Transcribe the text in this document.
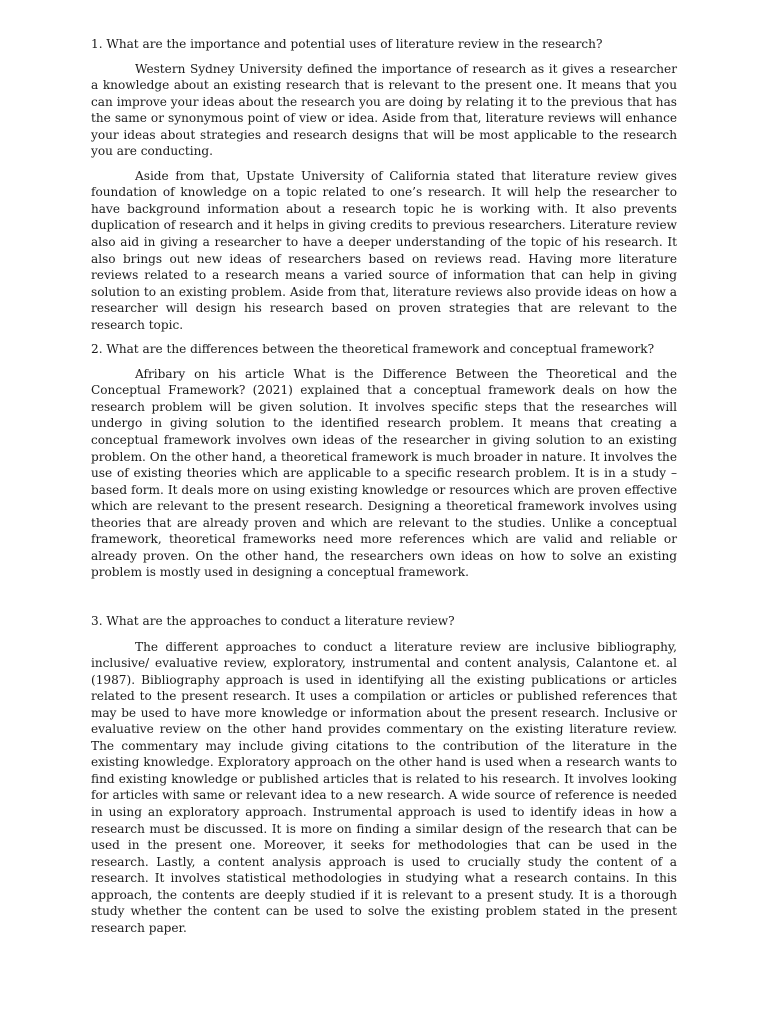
1. What are the importance and potential uses of literature review in the research?

Western Sydney University defined the importance of research as it gives a researcher a knowledge about an existing research that is relevant to the present one. It means that you can improve your ideas about the research you are doing by relating it to the previous that has the same or synonymous point of view or idea. Aside from that, literature reviews will enhance your ideas about strategies and research designs that will be most applicable to the research you are conducting.

Aside from that, Upstate University of California stated that literature review gives foundation of knowledge on a topic related to one’s research. It will help the researcher to have background information about a research topic he is working with. It also prevents duplication of research and it helps in giving credits to previous researchers. Literature review also aid in giving a researcher to have a deeper understanding of the topic of his research. It also brings out new ideas of researchers based on reviews read. Having more literature reviews related to a research means a varied source of information that can help in giving solution to an existing problem. Aside from that, literature reviews also provide ideas on how a researcher will design his research based on proven strategies that are relevant to the research topic.

2. What are the differences between the theoretical framework and conceptual framework?

Afribary on his article What is the Difference Between the Theoretical and the Conceptual Framework? (2021) explained that a conceptual framework deals on how the research problem will be given solution. It involves specific steps that the researches will undergo in giving solution to the identified research problem. It means that creating a conceptual framework involves own ideas of the researcher in giving solution to an existing problem. On the other hand, a theoretical framework is much broader in nature. It involves the use of existing theories which are applicable to a specific research problem. It is in a study – based form. It deals more on using existing knowledge or resources which are proven effective which are relevant to the present research. Designing a theoretical framework involves using theories that are already proven and which are relevant to the studies. Unlike a conceptual framework, theoretical frameworks need more references which are valid and reliable or already proven. On the other hand, the researchers own ideas on how to solve an existing problem is mostly used in designing a conceptual framework.

3. What are the approaches to conduct a literature review?

The different approaches to conduct a literature review are inclusive bibliography, inclusive/ evaluative review, exploratory, instrumental and content analysis, Calantone et. al (1987). Bibliography approach is used in identifying all the existing publications or articles related to the present research. It uses a compilation or articles or published references that may be used to have more knowledge or information about the present research. Inclusive or evaluative review on the other hand provides commentary on the existing literature review. The commentary may include giving citations to the contribution of the literature in the existing knowledge. Exploratory approach on the other hand is used when a research wants to find existing knowledge or published articles that is related to his research. It involves looking for articles with same or relevant idea to a new research. A wide source of reference is needed in using an exploratory approach. Instrumental approach is used to identify ideas in how a research must be discussed. It is more on finding a similar design of the research that can be used in the present one. Moreover, it seeks for methodologies that can be used in the research. Lastly, a content analysis approach is used to crucially study the content of a research. It involves statistical methodologies in studying what a research contains. In this approach, the contents are deeply studied if it is relevant to a present study. It is a thorough study whether the content can be used to solve the existing problem stated in the present research paper.
